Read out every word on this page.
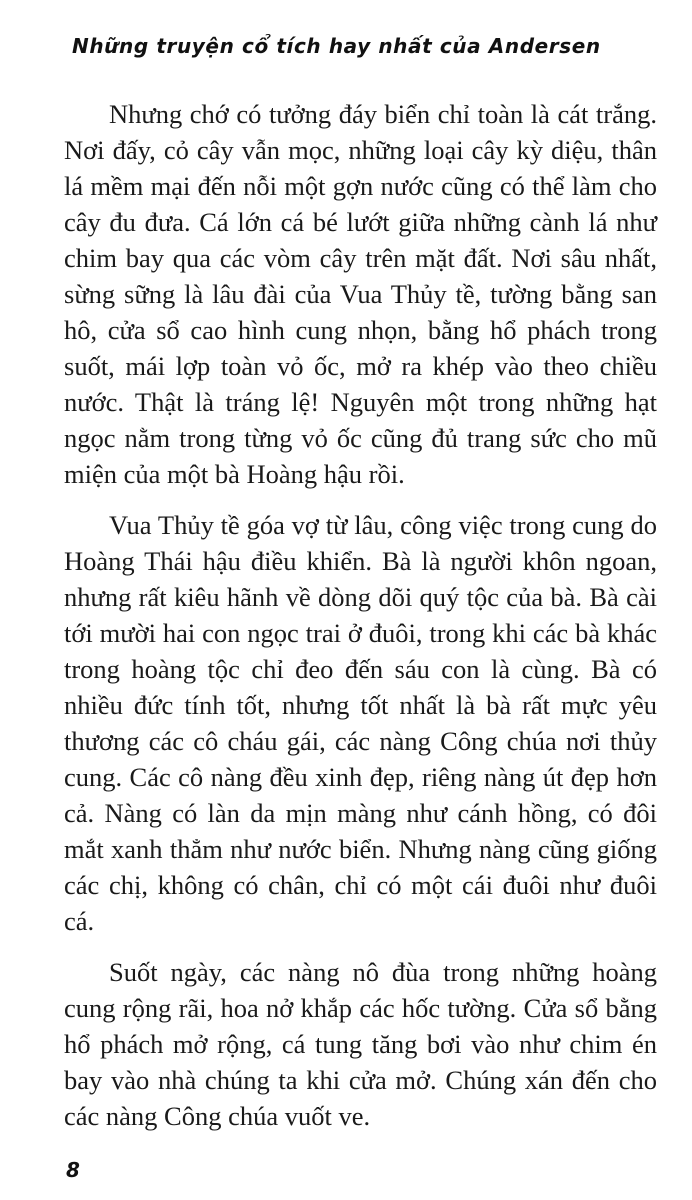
Những truyện cổ tích hay nhất của Andersen

Nhưng chớ có tưởng đáy biển chỉ toàn là cát trắng. Nơi đấy, cỏ cây vẫn mọc, những loại cây kỳ diệu, thân lá mềm mại đến nỗi một gợn nước cũng có thể làm cho cây đu đưa. Cá lớn cá bé lướt giữa những cành lá như chim bay qua các vòm cây trên mặt đất. Nơi sâu nhất, sừng sững là lâu đài của Vua Thủy tề, tường bằng san hô, cửa sổ cao hình cung nhọn, bằng hổ phách trong suốt, mái lợp toàn vỏ ốc, mở ra khép vào theo chiều nước. Thật là tráng lệ! Nguyên một trong những hạt ngọc nằm trong từng vỏ ốc cũng đủ trang sức cho mũ miện của một bà Hoàng hậu rồi.

Vua Thủy tề góa vợ từ lâu, công việc trong cung do Hoàng Thái hậu điều khiển. Bà là người khôn ngoan, nhưng rất kiêu hãnh về dòng dõi quý tộc của bà. Bà cài tới mười hai con ngọc trai ở đuôi, trong khi các bà khác trong hoàng tộc chỉ đeo đến sáu con là cùng. Bà có nhiều đức tính tốt, nhưng tốt nhất là bà rất mực yêu thương các cô cháu gái, các nàng Công chúa nơi thủy cung. Các cô nàng đều xinh đẹp, riêng nàng út đẹp hơn cả. Nàng có làn da mịn màng như cánh hồng, có đôi mắt xanh thẳm như nước biển. Nhưng nàng cũng giống các chị, không có chân, chỉ có một cái đuôi như đuôi cá.

Suốt ngày, các nàng nô đùa trong những hoàng cung rộng rãi, hoa nở khắp các hốc tường. Cửa sổ bằng hổ phách mở rộng, cá tung tăng bơi vào như chim én bay vào nhà chúng ta khi cửa mở. Chúng xán đến cho các nàng Công chúa vuốt ve.

8
